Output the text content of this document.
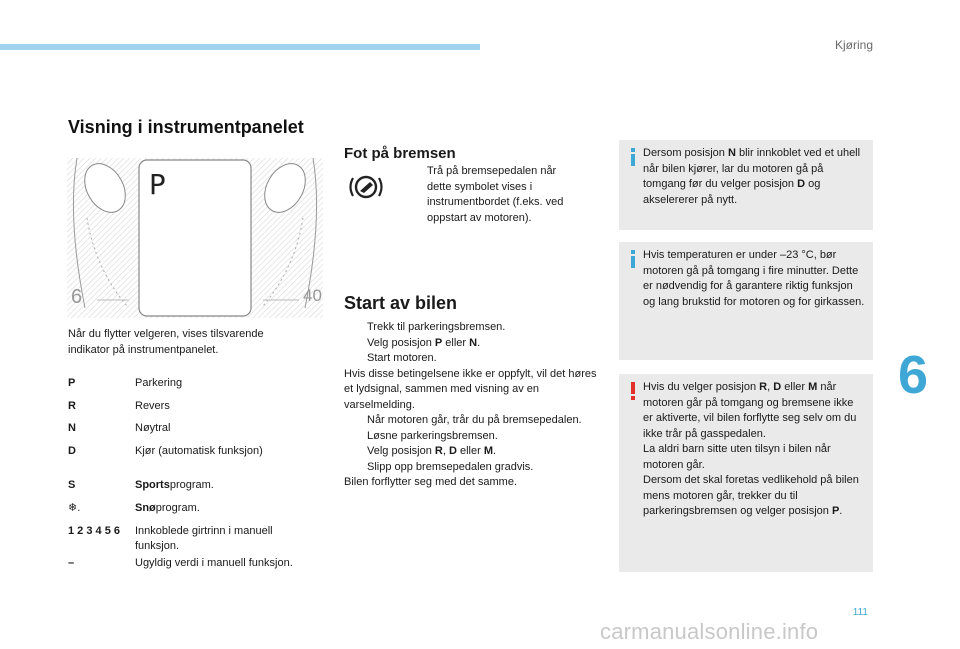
Kjøring
6
111
Visning i instrumentpanelet
P
6	40
Når du flytter velgeren, vises tilsvarende indikator på instrumentpanelet.
P	Parkering
R	Revers
N	Nøytral
D	Kjør (automatisk funksjon)
S	Sportsprogram.
❄.	Snøprogram.
1 2 3 4 5 6 Innkoblede girtrinn i manuell funksjon.
–	Ugyldig verdi i manuell funksjon.
Fot på bremsen
Trå på bremsepedalen når dette symbolet vises i instrumentbordet (f.eks. ved oppstart av motoren).
Start av bilen
Trekk til parkeringsbremsen.
Velg posisjon P eller N.
Start motoren.
Hvis disse betingelsene ikke er oppfylt, vil det høres et lydsignal, sammen med visning av en varselmelding.
Når motoren går, trår du på bremsepedalen.
Løsne parkeringsbremsen.
Velg posisjon R, D eller M.
Slipp opp bremsepedalen gradvis.
Bilen forflytter seg med det samme.
Dersom posisjon N blir innkoblet ved et uhell når bilen kjører, lar du motoren gå på tomgang før du velger posisjon D og akselererer på nytt.
Hvis temperaturen er under –23 °C, bør motoren gå på tomgang i fire minutter. Dette er nødvendig for å garantere riktig funksjon og lang brukstid for motoren og for girkassen.
Hvis du velger posisjon R, D eller M når motoren går på tomgang og bremsene ikke er aktiverte, vil bilen forflytte seg selv om du ikke trår på gasspedalen.
La aldri barn sitte uten tilsyn i bilen når motoren går.
Dersom det skal foretas vedlikehold på bilen mens motoren går, trekker du til parkeringsbremsen og velger posisjon P.
carmanualsonline.info
